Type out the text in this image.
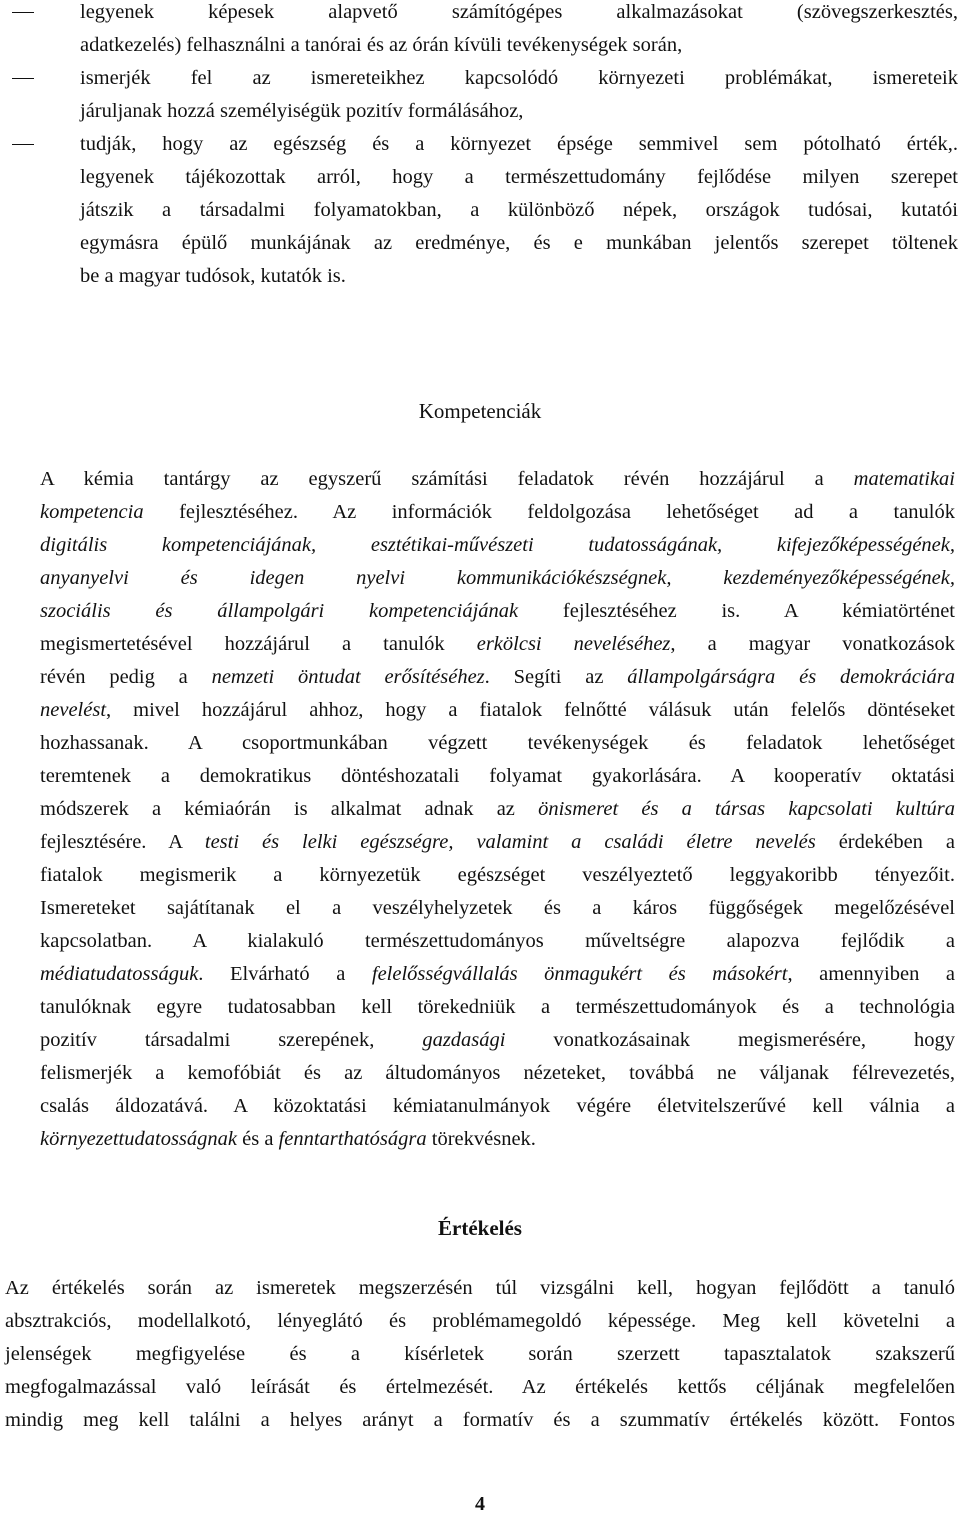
legyenek képesek alapvető számítógépes alkalmazásokat (szövegszerkesztés,
adatkezelés) felhasználni a tanórai és az órán kívüli tevékenységek során,
ismerjék fel az ismereteikhez kapcsolódó környezeti problémákat, ismereteik
járuljanak hozzá személyiségük pozitív formálásához,
tudják, hogy az egészség és a környezet épsége semmivel sem pótolható érték,.
legyenek tájékozottak arról, hogy a természettudomány fejlődése milyen szerepet
játszik a társadalmi folyamatokban, a különböző népek, országok tudósai, kutatói
egymásra épülő munkájának az eredménye, és e munkában jelentős szerepet töltenek
be a magyar tudósok, kutatók is.
Kompetenciák
A kémia tantárgy az egyszerű számítási feladatok révén hozzájárul a matematikai
kompetencia fejlesztéséhez. Az információk feldolgozása lehetőséget ad a tanulók
digitális kompetenciájának, esztétikai-művészeti tudatosságának, kifejezőképességének,
anyanyelvi és idegen nyelvi kommunikációkészségnek, kezdeményezőképességének,
szociális és állampolgári kompetenciájának fejlesztéséhez is. A kémiatörténet
megismertetésével hozzájárul a tanulók erkölcsi neveléséhez, a magyar vonatkozások
révén pedig a nemzeti öntudat erősítéséhez. Segíti az állampolgárságra és demokráciára
nevelést, mivel hozzájárul ahhoz, hogy a fiatalok felnőtté válásuk után felelős döntéseket
hozhassanak. A csoportmunkában végzett tevékenységek és feladatok lehetőséget
teremtenek a demokratikus döntéshozatali folyamat gyakorlására. A kooperatív oktatási
módszerek a kémiaórán is alkalmat adnak az önismeret és a társas kapcsolati kultúra
fejlesztésére. A testi és lelki egészségre, valamint a családi életre nevelés érdekében a
fiatalok megismerik a környezetük egészséget veszélyeztető leggyakoribb tényezőit.
Ismereteket sajátítanak el a veszélyhelyzetek és a káros függőségek megelőzésével
kapcsolatban. A kialakuló természettudományos műveltségre alapozva fejlődik a
médiatudatosságuk. Elvárható a felelősségvállalás önmagukért és másokért, amennyiben a
tanulóknak egyre tudatosabban kell törekedniük a természettudományok és a technológia
pozitív társadalmi szerepének, gazdasági vonatkozásainak megismerésére, hogy
felismerjék a kemofóbiát és az áltudományos nézeteket, továbbá ne váljanak félrevezetés,
csalás áldozatává. A közoktatási kémiatanulmányok végére életvitelszerűvé kell válnia a
környezettudatosságnak és a fenntarthatóságra törekvésnek.
Értékelés
Az értékelés során az ismeretek megszerzésén túl vizsgálni kell, hogyan fejlődött a tanuló
absztrakciós, modellalkotó, lényeglátó és problémamegoldó képessége. Meg kell követelni a
jelenségek megfigyelése és a kísérletek során szerzett tapasztalatok szakszerű
megfogalmazással való leírását és értelmezését. Az értékelés kettős céljának megfelelően
mindig meg kell találni a helyes arányt a formatív és a szummatív értékelés között. Fontos
4
